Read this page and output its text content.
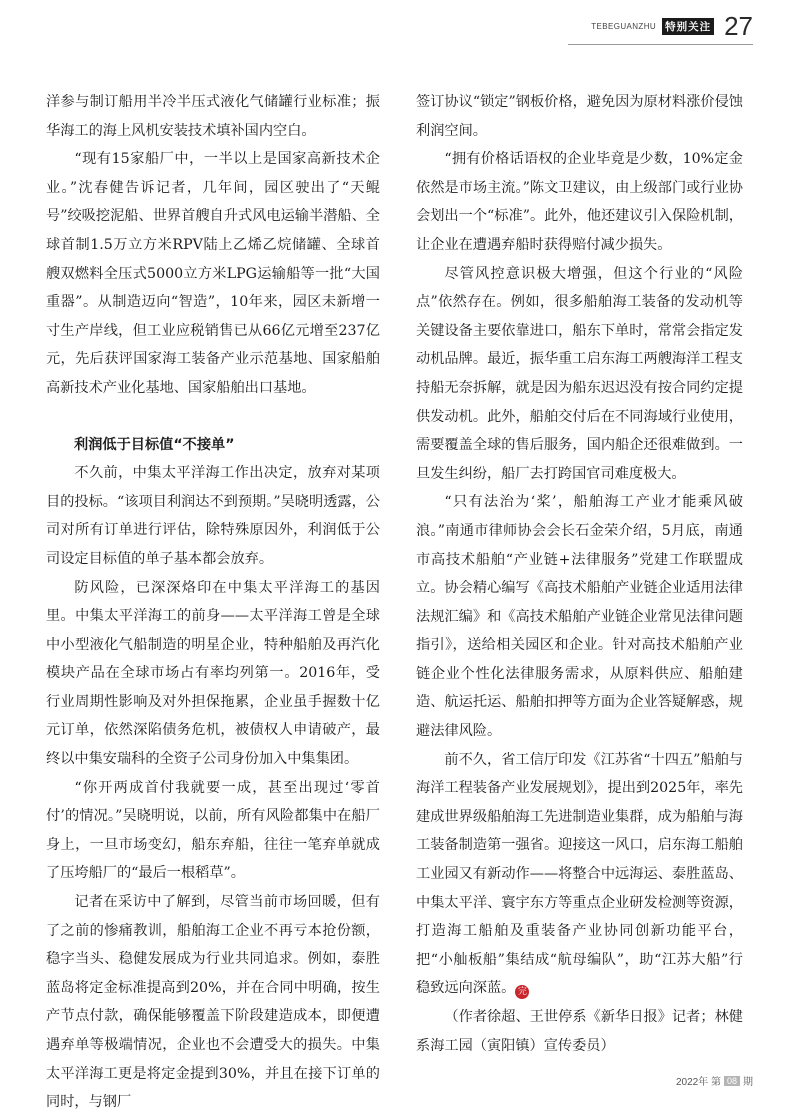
TEBEGUANZHU 特别关注 27

洋参与制订船用半冷半压式液化气储罐行业标准；振华海工的海上风机安装技术填补国内空白。

“现有15家船厂中，一半以上是国家高新技术企业。”沈春健告诉记者，几年间，园区驶出了“天鲲号”绞吸挖泥船、世界首艘自升式风电运输半潜船、全球首制1.5万立方米RPV陆上乙烯乙烷储罐、全球首艘双燃料全压式5000立方米LPG运输船等一批“大国重器”。从制造迈向“智造”，10年来，园区未新增一寸生产岸线，但工业应税销售已从66亿元增至237亿元，先后获评国家海工装备产业示范基地、国家船舶高新技术产业化基地、国家船舶出口基地。

利润低于目标值“不接单”

不久前，中集太平洋海工作出决定，放弃对某项目的投标。“该项目利润达不到预期。”吴晓明透露，公司对所有订单进行评估，除特殊原因外，利润低于公司设定目标值的单子基本都会放弃。

防风险，已深深烙印在中集太平洋海工的基因里。中集太平洋海工的前身——太平洋海工曾是全球中小型液化气船制造的明星企业，特种船舶及再汽化模块产品在全球市场占有率均列第一。2016年，受行业周期性影响及对外担保拖累，企业虽手握数十亿元订单，依然深陷债务危机，被债权人申请破产，最终以中集安瑞科的全资子公司身份加入中集集团。

“你开两成首付我就要一成，甚至出现过‘零首付’的情况。”吴晓明说，以前，所有风险都集中在船厂身上，一旦市场变幻，船东弃船，往往一笔弃单就成了压垮船厂的“最后一根稻草”。

记者在采访中了解到，尽管当前市场回暖，但有了之前的惨痛教训，船舶海工企业不再亏本抢份额，稳字当头、稳健发展成为行业共同追求。例如，泰胜蓝岛将定金标准提高到20%，并在合同中明确，按生产节点付款，确保能够覆盖下阶段建造成本，即便遭遇弃单等极端情况，企业也不会遭受大的损失。中集太平洋海工更是将定金提到30%，并且在接下订单的同时，与钢厂

签订协议“锁定”钢板价格，避免因为原材料涨价侵蚀利润空间。

“拥有价格话语权的企业毕竟是少数，10%定金依然是市场主流。”陈文卫建议，由上级部门或行业协会划出一个“标准”。此外，他还建议引入保险机制，让企业在遭遇弃船时获得赔付减少损失。

尽管风控意识极大增强，但这个行业的“风险点”依然存在。例如，很多船舶海工装备的发动机等关键设备主要依靠进口，船东下单时，常常会指定发动机品牌。最近，振华重工启东海工两艘海洋工程支持船无奈拆解，就是因为船东迟迟没有按合同约定提供发动机。此外，船舶交付后在不同海域行业使用，需要覆盖全球的售后服务，国内船企还很难做到。一旦发生纠纷，船厂去打跨国官司难度极大。

“只有法治为‘桨’，船舶海工产业才能乘风破浪。”南通市律师协会会长石金荣介绍，5月底，南通市高技术船舶“产业链+法律服务”党建工作联盟成立。协会精心编写《高技术船舶产业链企业适用法律法规汇编》和《高技术船舶产业链企业常见法律问题指引》，送给相关园区和企业。针对高技术船舶产业链企业个性化法律服务需求，从原料供应、船舶建造、航运托运、船舶扣押等方面为企业答疑解惑，规避法律风险。

前不久，省工信厅印发《江苏省“十四五”船舶与海洋工程装备产业发展规划》，提出到2025年，率先建成世界级船舶海工先进制造业集群，成为船舶与海工装备制造第一强省。迎接这一风口，启东海工船舶工业园又有新动作——将整合中远海运、泰胜蓝岛、中集太平洋、寰宇东方等重点企业研发检测等资源，打造海工船舶及重装备产业协同创新功能平台，把“小舢板船”集结成“航母编队”，助“江苏大船”行稳致远向深蓝。 完

（作者徐超、王世停系《新华日报》记者；林健系海工园（寅阳镇）宣传委员）

2022年 第 08 期
